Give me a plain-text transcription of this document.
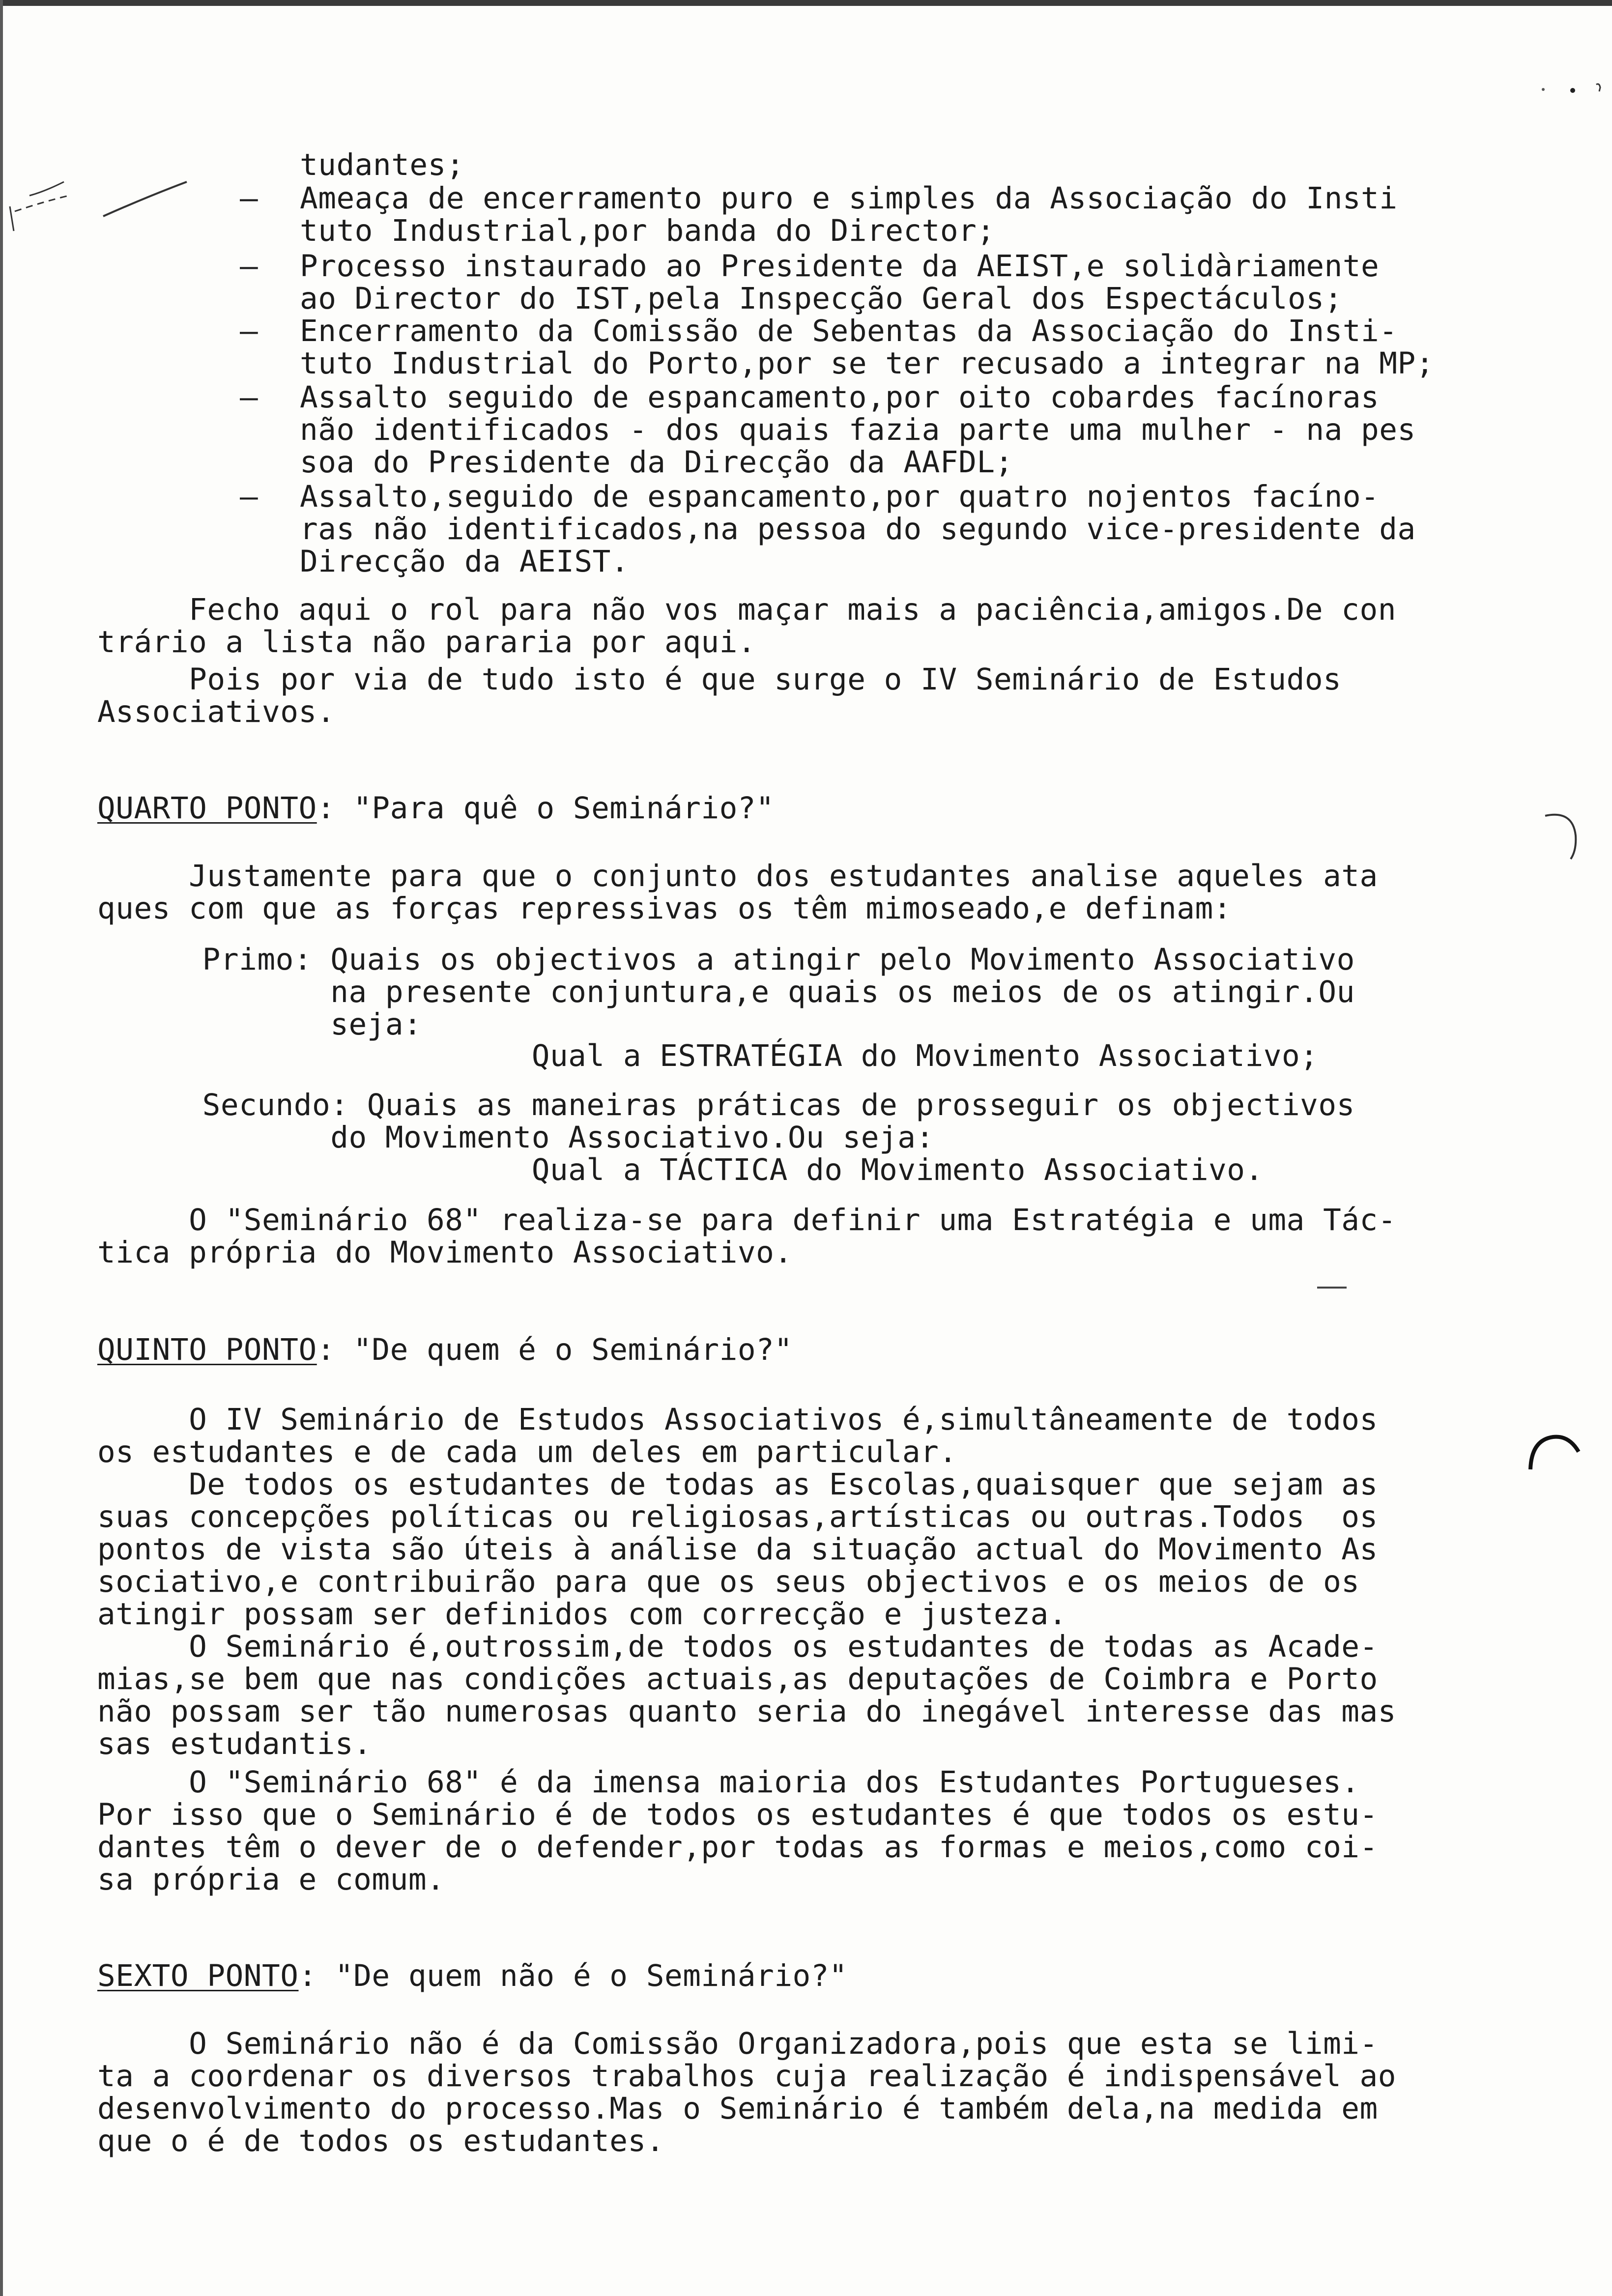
tudantes;
— Ameaça de encerramento puro e simples da Associação do Insti
tuto Industrial,por banda do Director;
— Processo instaurado ao Presidente da AEIST,e solidàriamente
ao Director do IST,pela Inspecção Geral dos Espectáculos;
— Encerramento da Comissão de Sebentas da Associação do Insti-
tuto Industrial do Porto,por se ter recusado a integrar na MP;
— Assalto seguido de espancamento,por oito cobardes facínoras
não identificados - dos quais fazia parte uma mulher - na pes
soa do Presidente da Direcção da AAFDL;
— Assalto,seguido de espancamento,por quatro nojentos facíno-
ras não identificados,na pessoa do segundo vice-presidente da
Direcção da AEIST.
Fecho aqui o rol para não vos maçar mais a paciência,amigos.De con
trário a lista não pararia por aqui.
Pois por via de tudo isto é que surge o IV Seminário de Estudos
Associativos.
QUARTO PONTO: "Para quê o Seminário?"
Justamente para que o conjunto dos estudantes analise aqueles ata
ques com que as forças repressivas os têm mimoseado,e definam:
Primo: Quais os objectivos a atingir pelo Movimento Associativo
na presente conjuntura,e quais os meios de os atingir.Ou
seja:
Qual a ESTRATÉGIA do Movimento Associativo;
Secundo: Quais as maneiras práticas de prosseguir os objectivos
do Movimento Associativo.Ou seja:
Qual a TÁCTICA do Movimento Associativo.
O "Seminário 68" realiza-se para definir uma Estratégia e uma Tác-
tica própria do Movimento Associativo.
QUINTO PONTO: "De quem é o Seminário?"
O IV Seminário de Estudos Associativos é,simultâneamente de todos
os estudantes e de cada um deles em particular.
De todos os estudantes de todas as Escolas,quaisquer que sejam as
suas concepções políticas ou religiosas,artísticas ou outras.Todos  os
pontos de vista são úteis à análise da situação actual do Movimento As
sociativo,e contribuirão para que os seus objectivos e os meios de os
atingir possam ser definidos com correcção e justeza.
O Seminário é,outrossim,de todos os estudantes de todas as Acade-
mias,se bem que nas condições actuais,as deputações de Coimbra e Porto
não possam ser tão numerosas quanto seria do inegável interesse das mas
sas estudantis.
O "Seminário 68" é da imensa maioria dos Estudantes Portugueses.
Por isso que o Seminário é de todos os estudantes é que todos os estu-
dantes têm o dever de o defender,por todas as formas e meios,como coi-
sa própria e comum.
SEXTO PONTO: "De quem não é o Seminário?"
O Seminário não é da Comissão Organizadora,pois que esta se limi-
ta a coordenar os diversos trabalhos cuja realização é indispensável ao
desenvolvimento do processo.Mas o Seminário é também dela,na medida em
que o é de todos os estudantes.
